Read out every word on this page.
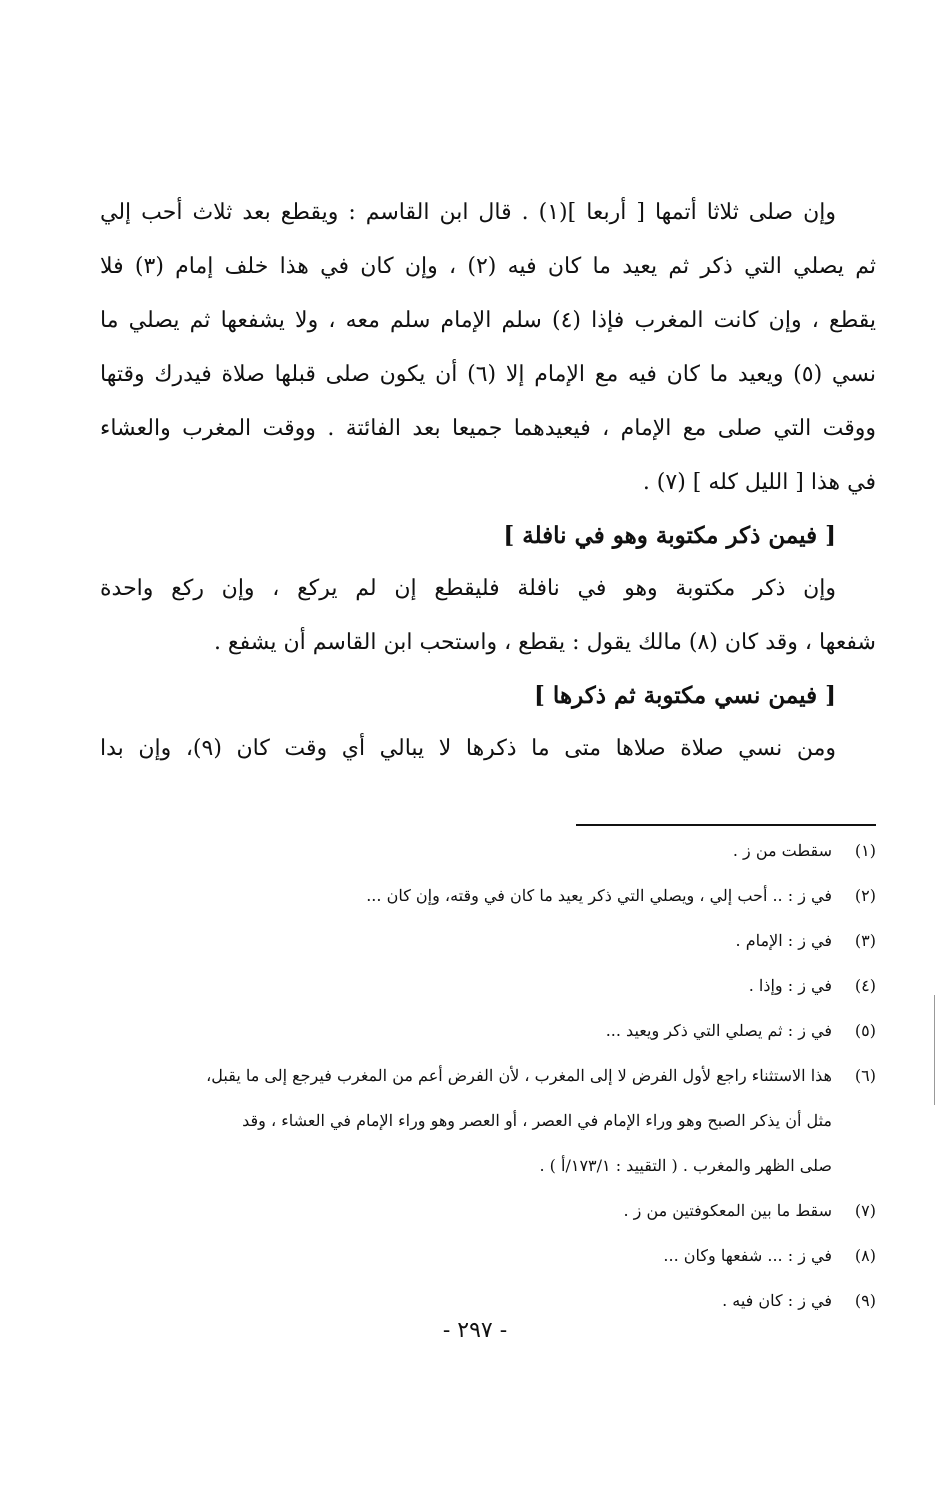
وإن صلى ثلاثا أتمها [ أربعا ](١) . قال ابن القاسم : ويقطع بعد ثلاث أحب إلي
ثم يصلي التي ذكر ثم يعيد ما كان فيه (٢) ، وإن كان في هذا خلف إمام (٣) فلا
يقطع ، وإن كانت المغرب فإذا (٤) سلم الإمام سلم معه ، ولا يشفعها ثم يصلي ما
نسي (٥) ويعيد ما كان فيه مع الإمام إلا (٦) أن يكون صلى قبلها صلاة فيدرك وقتها
ووقت التي صلى مع الإمام ، فيعيدهما جميعا بعد الفائتة . ووقت المغرب والعشاء
في هذا [ الليل كله ] (٧) .
[ فيمن ذكر مكتوبة وهو في نافلة ]
وإن ذكر مكتوبة وهو في نافلة فليقطع إن لم يركع ، وإن ركع واحدة
شفعها ، وقد كان (٨) مالك يقول : يقطع ، واستحب ابن القاسم أن يشفع .
[ فيمن نسي مكتوبة ثم ذكرها ]
ومن نسي صلاة صلاها متى ما ذكرها لا يبالي أي وقت كان (٩)، وإن بدا
(١)سقطت من ز .
(٢)في ز : .. أحب إلي ، ويصلي التي ذكر يعيد ما كان في وقته، وإن كان ...
(٣)في ز : الإمام .
(٤)في ز : وإذا .
(٥)في ز : ثم يصلي التي ذكر ويعيد ...
(٦)هذا الاستثناء راجع لأول الفرض لا إلى المغرب ، لأن الفرض أعم من المغرب فيرجع إلى ما يقبل،
مثل أن يذكر الصبح وهو وراء الإمام في العصر ، أو العصر وهو وراء الإمام في العشاء ، وقد
صلى الظهر والمغرب . ( التقييد : ١٧٣/١/أ ) .
(٧)سقط ما بين المعكوفتين من ز .
(٨)في ز : ... شفعها وكان ...
(٩)في ز : كان فيه .
- ٢٩٧ -
